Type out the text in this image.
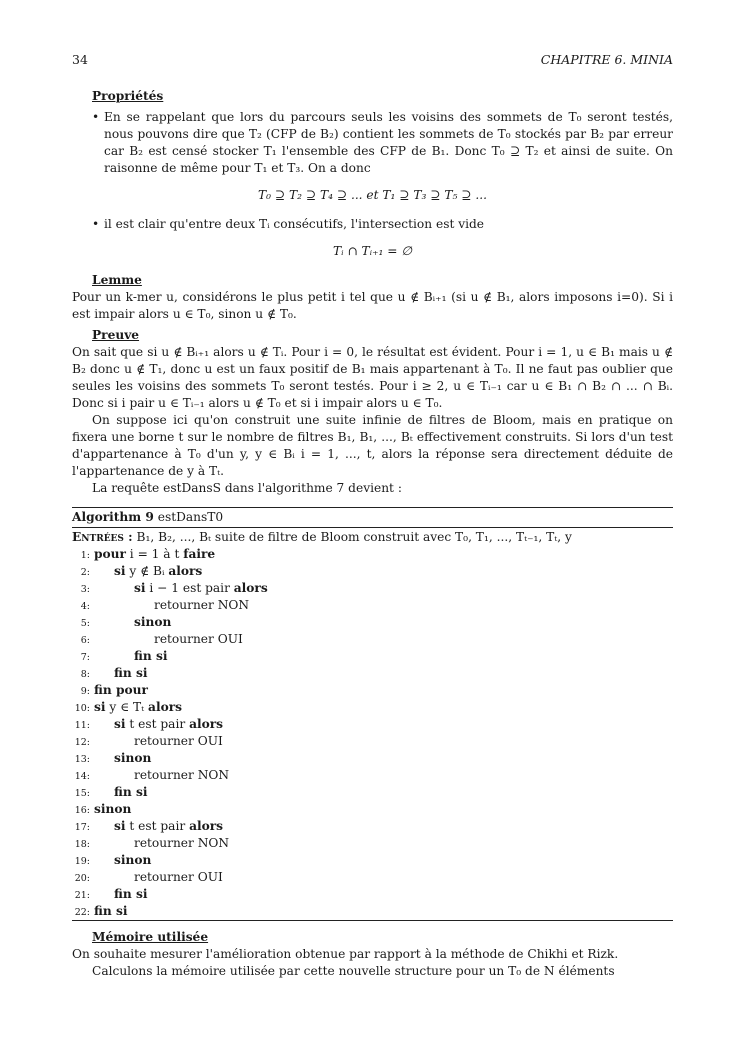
34	CHAPITRE 6. MINIA
Propriétés
• En se rappelant que lors du parcours seuls les voisins des sommets de T₀ seront testés, nous pouvons dire que T₂ (CFP de B₂) contient les sommets de T₀ stockés par B₂ par erreur car B₂ est censé stocker T₁ l'ensemble des CFP de B₁. Donc T₀ ⊇ T₂ et ainsi de suite. On raisonne de même pour T₁ et T₃. On a donc
T₀ ⊇ T₂ ⊇ T₄ ⊇ ... et T₁ ⊇ T₃ ⊇ T₅ ⊇ ...
• il est clair qu'entre deux Tᵢ consécutifs, l'intersection est vide
Tᵢ ∩ Tᵢ₊₁ = ∅
Lemme

Pour un k-mer u, considérons le plus petit i tel que u ∉ Bᵢ₊₁ (si u ∉ B₁, alors imposons i=0). Si i est impair alors u ∈ T₀, sinon u ∉ T₀.

Preuve

On sait que si u ∉ Bᵢ₊₁ alors u ∉ Tᵢ. Pour i = 0, le résultat est évident. Pour i = 1, u ∈ B₁ mais u ∉ B₂ donc u ∉ T₁, donc u est un faux positif de B₁ mais appartenant à T₀. Il ne faut pas oublier que seules les voisins des sommets T₀ seront testés. Pour i ≥ 2, u ∈ Tᵢ₋₁ car u ∈ B₁ ∩ B₂ ∩ ... ∩ Bᵢ. Donc si i pair u ∈ Tᵢ₋₁ alors u ∉ T₀ et si i impair alors u ∈ T₀.

On suppose ici qu'on construit une suite infinie de filtres de Bloom, mais en pratique on fixera une borne t sur le nombre de filtres B₁, B₁, ..., Bₜ effectivement construits. Si lors d'un test d'appartenance à T₀ d'un y, y ∈ Bᵢ i = 1, ..., t, alors la réponse sera directement déduite de l'appartenance de y à Tₜ.

La requête estDansS dans l'algorithme 7 devient :

Algorithm 9 estDansT0
Entrées : B₁, B₂, ..., Bₜ suite de filtre de Bloom construit avec T₀, T₁, ..., Tₜ₋₁, Tₜ, y
1: pour i = 1 à t faire
2: si y ∉ Bᵢ alors
3:	si i − 1 est pair alors
4:	retourner NON
5:	sinon
6:	retourner OUI
7:	fin si
8: fin si
9: fin pour
10: si y ∈ Tₜ alors
11: si t est pair alors
12:	retourner OUI
13: sinon
14:	retourner NON
15: fin si
16: sinon
17: si t est pair alors
18:	retourner NON
19: sinon
20:	retourner OUI
21: fin si
22: fin si
Mémoire utilisée

On souhaite mesurer l'amélioration obtenue par rapport à la méthode de Chikhi et Rizk.

Calculons la mémoire utilisée par cette nouvelle structure pour un T₀ de N éléments
